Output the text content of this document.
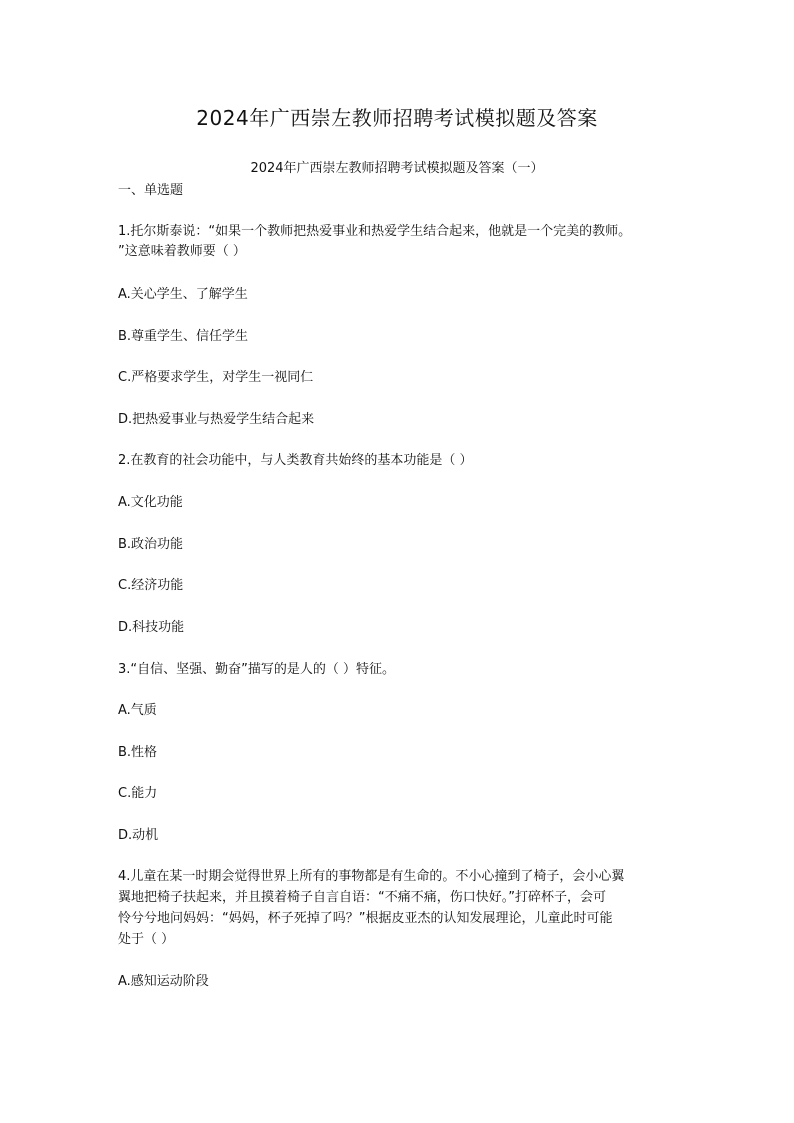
2024年广西崇左教师招聘考试模拟题及答案
2024年广西崇左教师招聘考试模拟题及答案（一）
一、单选题
1.托尔斯泰说：“如果一个教师把热爱事业和热爱学生结合起来，他就是一个完美的教师。
”这意味着教师要（ ）
A.关心学生、了解学生
B.尊重学生、信任学生
C.严格要求学生，对学生一视同仁
D.把热爱事业与热爱学生结合起来
2.在教育的社会功能中，与人类教育共始终的基本功能是（ ）
A.文化功能
B.政治功能
C.经济功能
D.科技功能
3.“自信、坚强、勤奋”描写的是人的（ ）特征。
A.气质
B.性格
C.能力
D.动机
4.儿童在某一时期会觉得世界上所有的事物都是有生命的。不小心撞到了椅子，会小心翼
翼地把椅子扶起来，并且摸着椅子自言自语：“不痛不痛，伤口快好。”打碎杯子，会可
怜兮兮地问妈妈：“妈妈，杯子死掉了吗？”根据皮亚杰的认知发展理论，儿童此时可能
处于（ ）
A.感知运动阶段
